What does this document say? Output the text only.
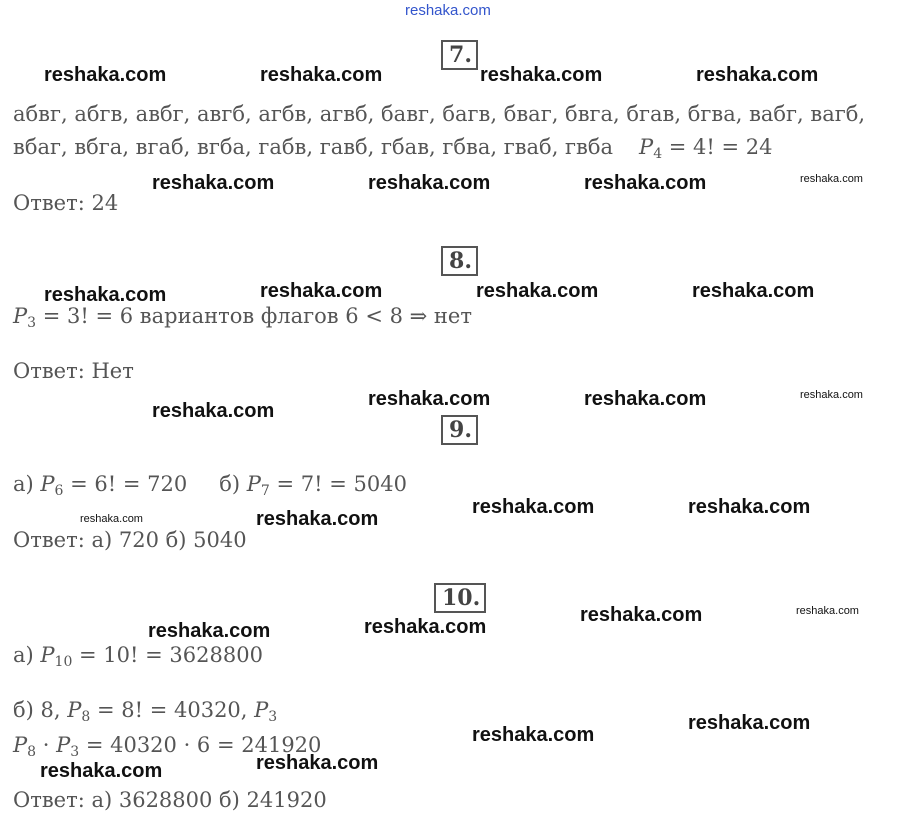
reshaka.com
7.
абвг, абгв, авбг, авгб, агбв, агвб, бавг, багв, бваг, бвга, бгав, бгва, вабг, вагб,
вбаг, вбга, вгаб, вгба, габв, гавб, гбав, гбва, гваб, гвба $P_4 = 4$! = 24
Ответ: 24
8.
$P_3 = 3$! = 6 вариантов флагов 6 < 8 ⇒ нет
Ответ: Нет
9.
а) $P_6 = 6$! = 720 б) $P_7 = 7$! = 5040
Ответ: а) 720 б) 5040
10.
а) $P_{10} = 10$! = 3628800
б) 8, $P_8 = 8$! = 40320, $P_3$
$P_8 \cdot P_3 = 40320 \cdot 6 = 241920$
Ответ: а) 3628800 б) 241920
reshaka.com	reshaka.com	reshaka.com	reshaka.com
reshaka.com	reshaka.com	reshaka.com	reshaka.com
reshaka.com	reshaka.com	reshaka.com	reshaka.com
reshaka.com
reshaka.com	reshaka.com	reshaka.com
reshaka.com	reshaka.com
reshaka.com	reshaka.com
reshaka.com	reshaka.com
reshaka.com	reshaka.com
reshaka.com
reshaka.com
reshaka.com
reshaka.com
